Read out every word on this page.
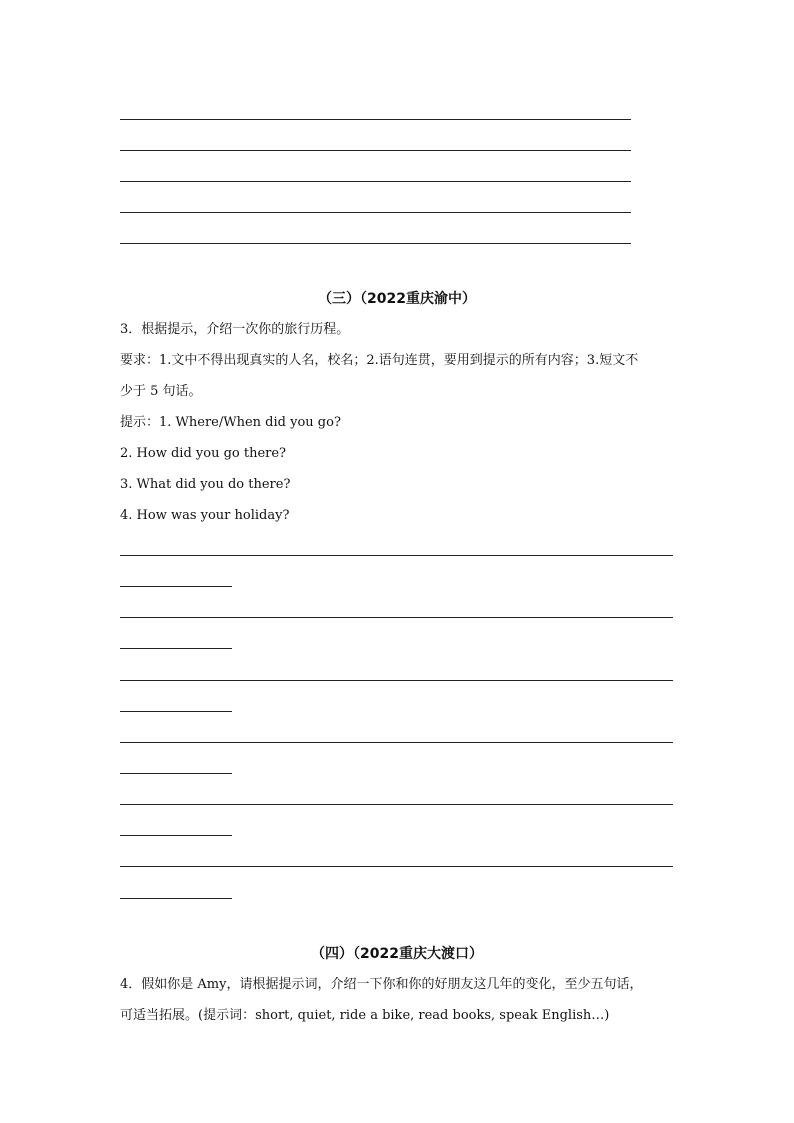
（三）（2022重庆渝中）
3．根据提示，介绍一次你的旅行历程。
要求：1.文中不得出现真实的人名，校名；2.语句连贯，要用到提示的所有内容；3.短文不
少于 5 句话。
提示：1. Where/When did you go?
2. How did you go there?
3. What did you do there?
4. How was your holiday?
（四）（2022重庆大渡口）
4．假如你是 Amy，请根据提示词，介绍一下你和你的好朋友这几年的变化，至少五句话，
可适当拓展。(提示词：short, quiet, ride a bike, read books, speak English…)
